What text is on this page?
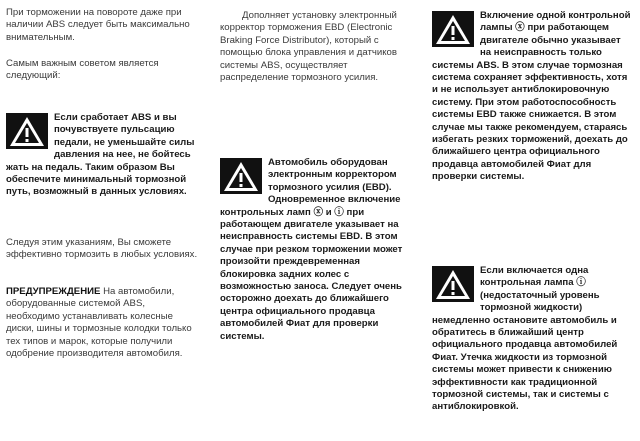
При торможении на повороте даже при наличии ABS следует быть максимально внимательным.

Самым важным советом является следующий:

Если сработает ABS и вы почувствуете пульсацию педали, не уменьшайте силы давления на нее, не бойтесь жать на педаль. Таким образом Вы обеспечите минимальный тормозной путь, возможный в данных условиях.

Следуя этим указаниям, Вы сможете эффективно тормозить в любых условиях.

ПРЕДУПРЕЖДЕНИЕ На автомобили, оборудованные системой ABS, необходимо устанавливать колесные диски, шины и тормозные колодки только тех типов и марок, которые получили одобрение производителя автомобиля.

Дополняет установку электронный корректор торможения EBD (Electronic Braking Force Distributor), который с помощью блока управления и датчиков системы ABS, осуществляет распределение тормозного усилия.

Автомобиль оборудован электронным корректором тормозного усилия (EBD). Одновременное включение контрольных ламп ⓧ и ⓘ при работающем двигателе указывает на неисправность системы EBD. В этом случае при резком торможении может произойти преждевременная блокировка задних колес с возможностью заноса. Следует очень осторожно доехать до ближайшего центра официального продавца автомобилей Фиат для проверки системы.

Включение одной контрольной лампы ⓧ при работающем двигателе обычно указывает на неисправность только системы ABS. В этом случае тормозная система сохраняет эффективность, хотя и не использует антиблокировочную систему. При этом работоспособность системы EBD также снижается. В этом случае мы также рекомендуем, стараясь избегать резких торможений, доехать до ближайшего центра официального продавца автомобилей Фиат для проверки системы.

Если включается одна контрольная лампа ⓘ (недостаточный уровень тормозной жидкости) немедленно остановите автомобиль и обратитесь в ближайший центр официального продавца автомобилей Фиат. Утечка жидкости из тормозной системы может привести к снижению эффективности как традиционной тормозной системы, так и системы с антиблокировкой.
